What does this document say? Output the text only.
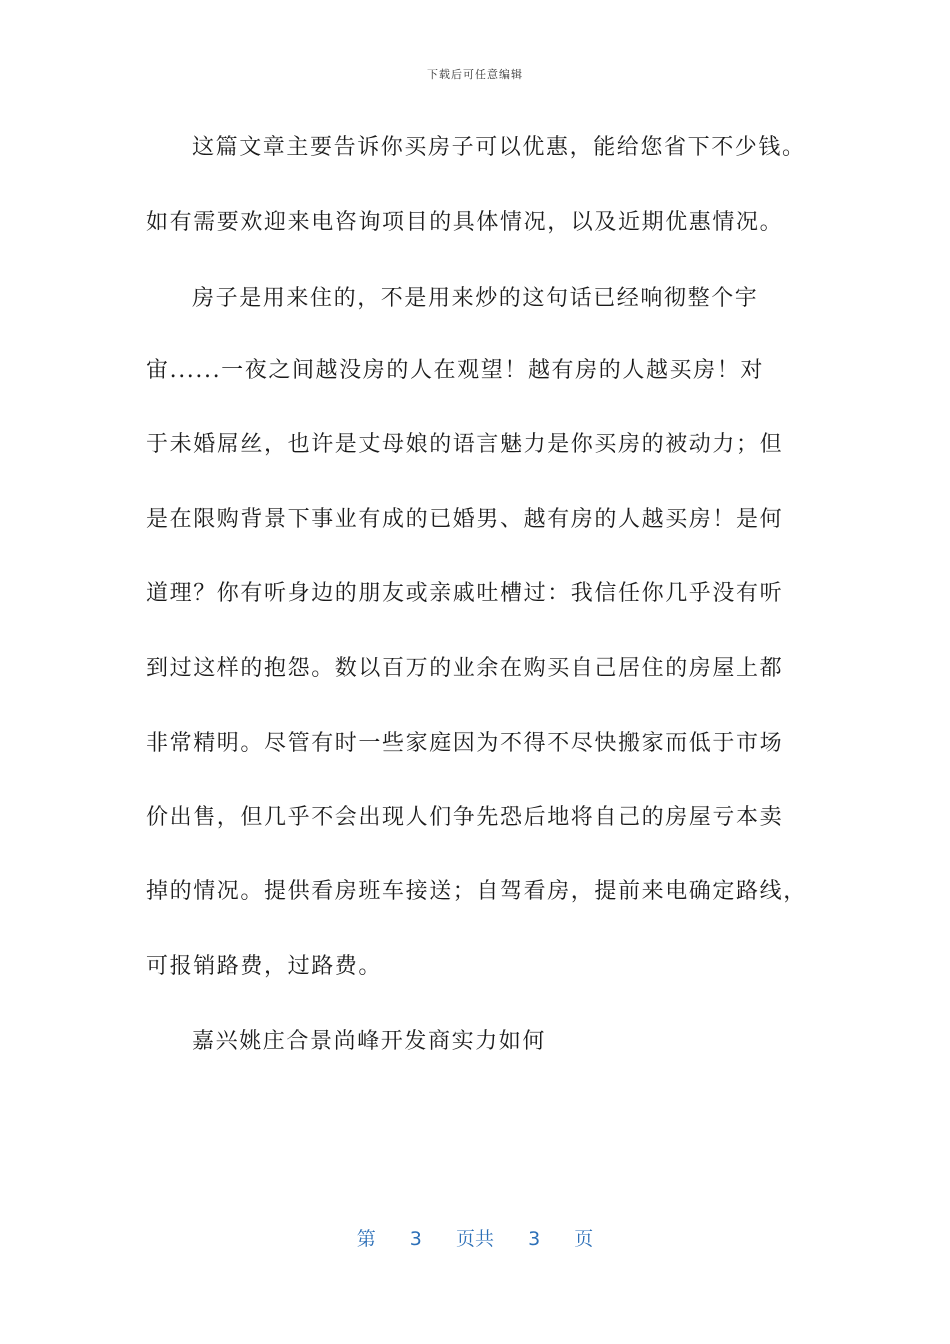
下载后可任意编辑
这篇文章主要告诉你买房子可以优惠，能给您省下不少钱。
如有需要欢迎来电咨询项目的具体情况，以及近期优惠情况。
房子是用来住的，不是用来炒的这句话已经响彻整个宇
宙......一夜之间越没房的人在观望！越有房的人越买房！对
于未婚屌丝，也许是丈母娘的语言魅力是你买房的被动力；但
是在限购背景下事业有成的已婚男、越有房的人越买房！是何
道理？你有听身边的朋友或亲戚吐槽过：我信任你几乎没有听
到过这样的抱怨。数以百万的业余在购买自己居住的房屋上都
非常精明。尽管有时一些家庭因为不得不尽快搬家而低于市场
价出售，但几乎不会出现人们争先恐后地将自己的房屋亏本卖
掉的情况。提供看房班车接送；自驾看房，提前来电确定路线，
可报销路费，过路费。
嘉兴姚庄合景尚峰开发商实力如何
第 3 页共 3 页
